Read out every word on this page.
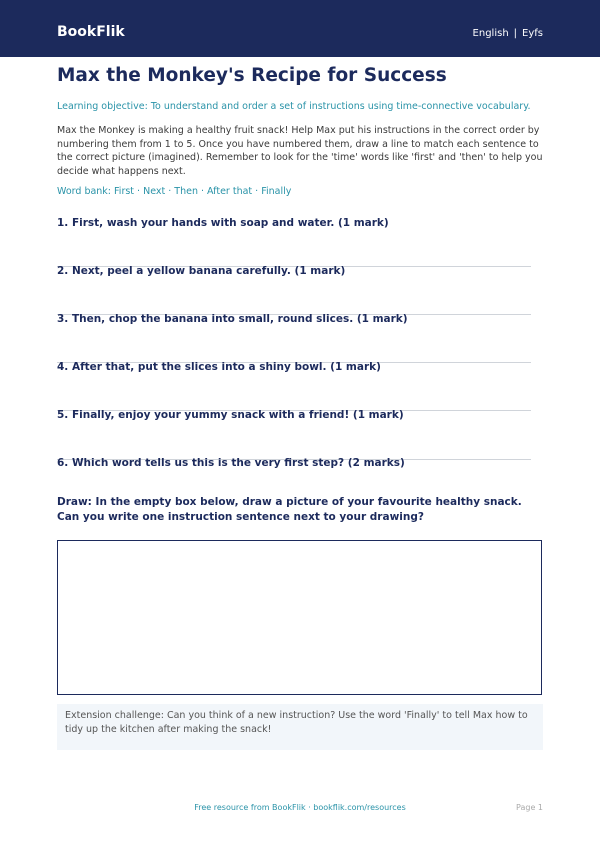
BookFlik	English | Eyfs
Max the Monkey's Recipe for Success
Learning objective: To understand and order a set of instructions using time-connective vocabulary.
Max the Monkey is making a healthy fruit snack! Help Max put his instructions in the correct order by numbering them from 1 to 5. Once you have numbered them, draw a line to match each sentence to the correct picture (imagined). Remember to look for the 'time' words like 'first' and 'then' to help you decide what happens next.
Word bank: First · Next · Then · After that · Finally
1. First, wash your hands with soap and water. (1 mark)
2. Next, peel a yellow banana carefully. (1 mark)
3. Then, chop the banana into small, round slices. (1 mark)
4. After that, put the slices into a shiny bowl. (1 mark)
5. Finally, enjoy your yummy snack with a friend! (1 mark)
6. Which word tells us this is the very first step? (2 marks)
Draw: In the empty box below, draw a picture of your favourite healthy snack. Can you write one instruction sentence next to your drawing?
Extension challenge: Can you think of a new instruction? Use the word 'Finally' to tell Max how to tidy up the kitchen after making the snack!
Free resource from BookFlik · bookflik.com/resources	Page 1
